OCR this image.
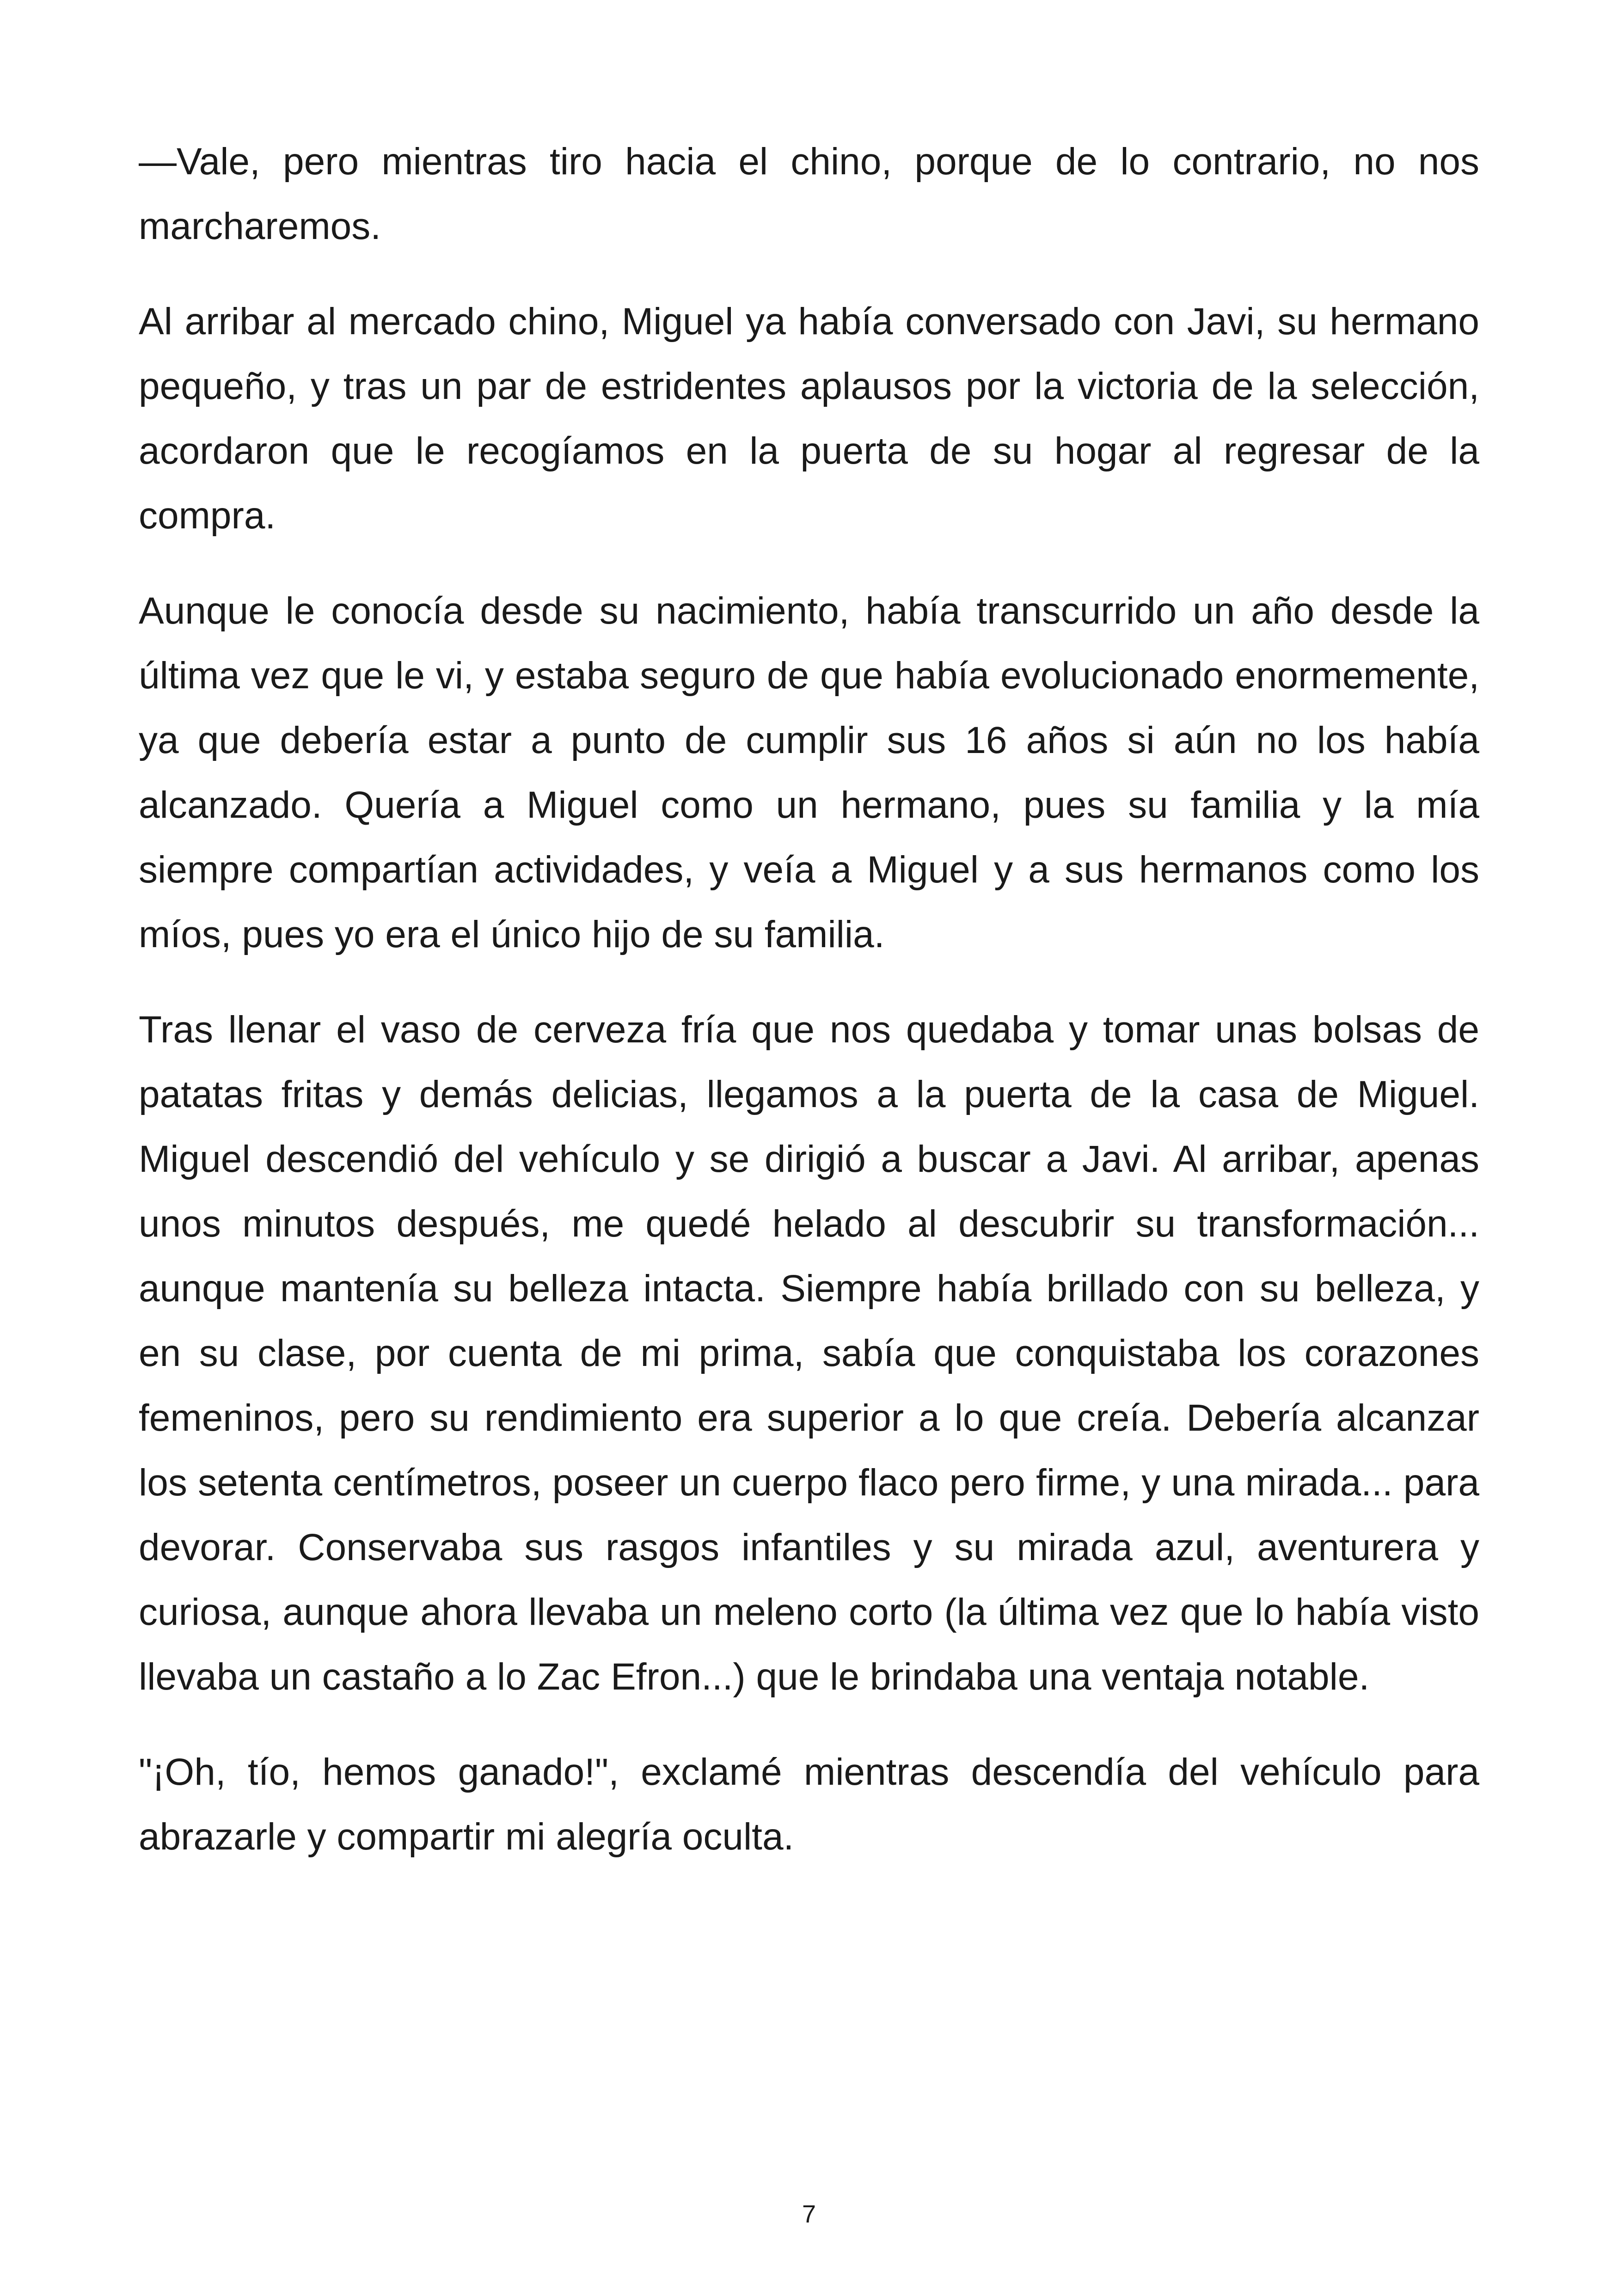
—Vale, pero mientras tiro hacia el chino, porque de lo contrario, no nos marcharemos.

Al arribar al mercado chino, Miguel ya había conversado con Javi, su hermano pequeño, y tras un par de estridentes aplausos por la victoria de la selección, acordaron que le recogíamos en la puerta de su hogar al regresar de la compra.

Aunque le conocía desde su nacimiento, había transcurrido un año desde la última vez que le vi, y estaba seguro de que había evolucionado enormemente, ya que debería estar a punto de cumplir sus 16 años si aún no los había alcanzado. Quería a Miguel como un hermano, pues su familia y la mía siempre compartían actividades, y veía a Miguel y a sus hermanos como los míos, pues yo era el único hijo de su familia.

Tras llenar el vaso de cerveza fría que nos quedaba y tomar unas bolsas de patatas fritas y demás delicias, llegamos a la puerta de la casa de Miguel. Miguel descendió del vehículo y se dirigió a buscar a Javi. Al arribar, apenas unos minutos después, me quedé helado al descubrir su transformación... aunque mantenía su belleza intacta. Siempre había brillado con su belleza, y en su clase, por cuenta de mi prima, sabía que conquistaba los corazones femeninos, pero su rendimiento era superior a lo que creía. Debería alcanzar los setenta centímetros, poseer un cuerpo flaco pero firme, y una mirada... para devorar. Conservaba sus rasgos infantiles y su mirada azul, aventurera y curiosa, aunque ahora llevaba un meleno corto (la última vez que lo había visto llevaba un castaño a lo Zac Efron...) que le brindaba una ventaja notable.

"¡Oh, tío, hemos ganado!", exclamé mientras descendía del vehículo para abrazarle y compartir mi alegría oculta.

7
